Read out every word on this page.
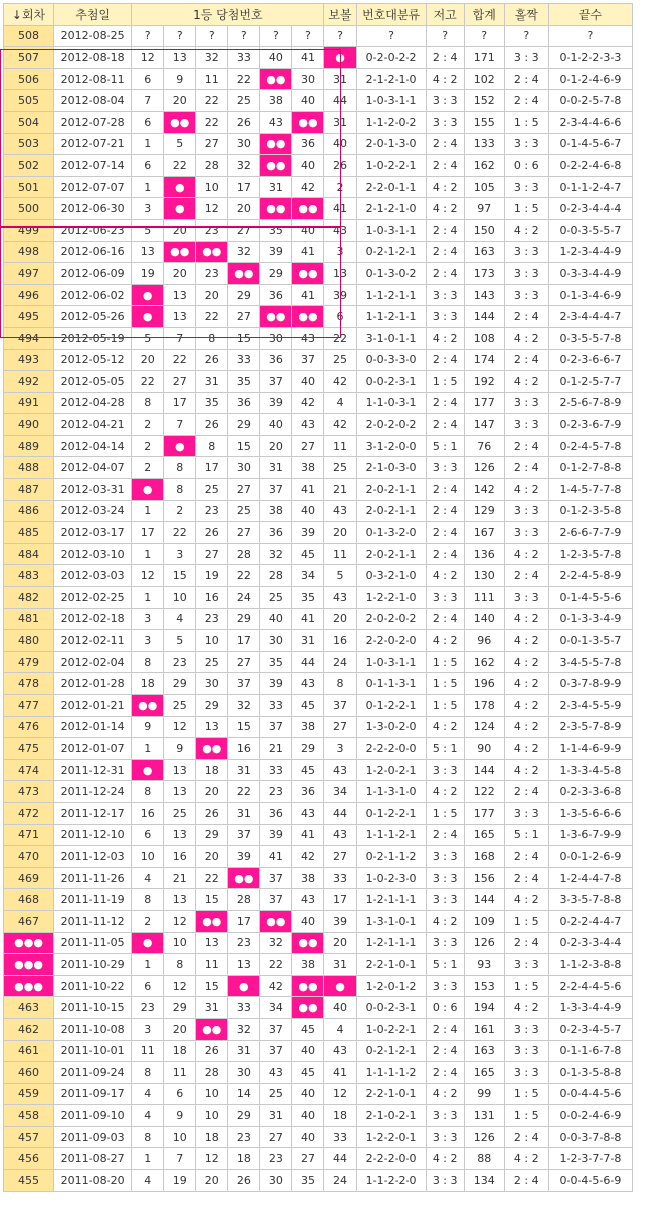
↓회차	추첨일	1등 당첨번호						보볼	번호대분류	저고	합계	홀짝	끝수
508	2012-08-25	?	?	?	?	?	?	?	?	?	?	?	?
507	2012-08-18	12	13	32	33	40	41	●	0-2-0-2-2	2 : 4	171	3 : 3	0-1-2-2-3-3
506	2012-08-11	6	9	11	22	●●	30	31	2-1-2-1-0	4 : 2	102	2 : 4	0-1-2-4-6-9
505	2012-08-04	7	20	22	25	38	40	44	1-0-3-1-1	3 : 3	152	2 : 4	0-0-2-5-7-8
504	2012-07-28	6	●●	22	26	43	●●	31	1-1-2-0-2	3 : 3	155	1 : 5	2-3-4-4-6-6
503	2012-07-21	1	5	27	30	●●	36	40	2-0-1-3-0	2 : 4	133	3 : 3	0-1-4-5-6-7
502	2012-07-14	6	22	28	32	●●	40	26	1-0-2-2-1	2 : 4	162	0 : 6	0-2-2-4-6-8
501	2012-07-07	1	●	10	17	31	42	2	2-2-0-1-1	4 : 2	105	3 : 3	0-1-1-2-4-7
500	2012-06-30	3	●	12	20	●●	●●	41	2-1-2-1-0	4 : 2	97	1 : 5	0-2-3-4-4-4
499	2012-06-23	5	20	23	27	35	40	43	1-0-3-1-1	2 : 4	150	4 : 2	0-0-3-5-5-7
498	2012-06-16	13	●●	●●	32	39	41	3	0-2-1-2-1	2 : 4	163	3 : 3	1-2-3-4-4-9
497	2012-06-09	19	20	23	●●	29	●●	13	0-1-3-0-2	2 : 4	173	3 : 3	0-3-3-4-4-9
496	2012-06-02	●	13	20	29	36	41	39	1-1-2-1-1	3 : 3	143	3 : 3	0-1-3-4-6-9
495	2012-05-26	●	13	22	27	●●	●●	6	1-1-2-1-1	3 : 3	144	2 : 4	2-3-4-4-4-7
494	2012-05-19	5	7	8	15	30	43	22	3-1-0-1-1	4 : 2	108	4 : 2	0-3-5-5-7-8
493	2012-05-12	20	22	26	33	36	37	25	0-0-3-3-0	2 : 4	174	2 : 4	0-2-3-6-6-7
492	2012-05-05	22	27	31	35	37	40	42	0-0-2-3-1	1 : 5	192	4 : 2	0-1-2-5-7-7
491	2012-04-28	8	17	35	36	39	42	4	1-1-0-3-1	2 : 4	177	3 : 3	2-5-6-7-8-9
490	2012-04-21	2	7	26	29	40	43	42	2-0-2-0-2	2 : 4	147	3 : 3	0-2-3-6-7-9
489	2012-04-14	2	●	8	15	20	27	11	3-1-2-0-0	5 : 1	76	2 : 4	0-2-4-5-7-8
488	2012-04-07	2	8	17	30	31	38	25	2-1-0-3-0	3 : 3	126	2 : 4	0-1-2-7-8-8
487	2012-03-31	●	8	25	27	37	41	21	2-0-2-1-1	2 : 4	142	4 : 2	1-4-5-7-7-8
486	2012-03-24	1	2	23	25	38	40	43	2-0-2-1-1	2 : 4	129	3 : 3	0-1-2-3-5-8
485	2012-03-17	17	22	26	27	36	39	20	0-1-3-2-0	2 : 4	167	3 : 3	2-6-6-7-7-9
484	2012-03-10	1	3	27	28	32	45	11	2-0-2-1-1	2 : 4	136	4 : 2	1-2-3-5-7-8
483	2012-03-03	12	15	19	22	28	34	5	0-3-2-1-0	4 : 2	130	2 : 4	2-2-4-5-8-9
482	2012-02-25	1	10	16	24	25	35	43	1-2-2-1-0	3 : 3	111	3 : 3	0-1-4-5-5-6
481	2012-02-18	3	4	23	29	40	41	20	2-0-2-0-2	2 : 4	140	4 : 2	0-1-3-3-4-9
480	2012-02-11	3	5	10	17	30	31	16	2-2-0-2-0	4 : 2	96	4 : 2	0-0-1-3-5-7
479	2012-02-04	8	23	25	27	35	44	24	1-0-3-1-1	1 : 5	162	4 : 2	3-4-5-5-7-8
478	2012-01-28	18	29	30	37	39	43	8	0-1-1-3-1	1 : 5	196	4 : 2	0-3-7-8-9-9
477	2012-01-21	●●	25	29	32	33	45	37	0-1-2-2-1	1 : 5	178	4 : 2	2-3-4-5-5-9
476	2012-01-14	9	12	13	15	37	38	27	1-3-0-2-0	4 : 2	124	4 : 2	2-3-5-7-8-9
475	2012-01-07	1	9	●●	16	21	29	3	2-2-2-0-0	5 : 1	90	4 : 2	1-1-4-6-9-9
474	2011-12-31	●	13	18	31	33	45	43	1-2-0-2-1	3 : 3	144	4 : 2	1-3-3-4-5-8
473	2011-12-24	8	13	20	22	23	36	34	1-1-3-1-0	4 : 2	122	2 : 4	0-2-3-3-6-8
472	2011-12-17	16	25	26	31	36	43	44	0-1-2-2-1	1 : 5	177	3 : 3	1-3-5-6-6-6
471	2011-12-10	6	13	29	37	39	41	43	1-1-1-2-1	2 : 4	165	5 : 1	1-3-6-7-9-9
470	2011-12-03	10	16	20	39	41	42	27	0-2-1-1-2	3 : 3	168	2 : 4	0-0-1-2-6-9
469	2011-11-26	4	21	22	●●	37	38	33	1-0-2-3-0	3 : 3	156	2 : 4	1-2-4-4-7-8
468	2011-11-19	8	13	15	28	37	43	17	1-2-1-1-1	3 : 3	144	4 : 2	3-3-5-7-8-8
467	2011-11-12	2	12	●●	17	●●	40	39	1-3-1-0-1	4 : 2	109	1 : 5	0-2-2-4-4-7
●●●	2011-11-05	●	10	13	23	32	●●	20	1-2-1-1-1	3 : 3	126	2 : 4	0-2-3-3-4-4
●●●	2011-10-29	1	8	11	13	22	38	31	2-2-1-0-1	5 : 1	93	3 : 3	1-1-2-3-8-8
●●●	2011-10-22	6	12	15	●	42	●●	●	1-2-0-1-2	3 : 3	153	1 : 5	2-2-4-4-5-6
463	2011-10-15	23	29	31	33	34	●●	40	0-0-2-3-1	0 : 6	194	4 : 2	1-3-3-4-4-9
462	2011-10-08	3	20	●●	32	37	45	4	1-0-2-2-1	2 : 4	161	3 : 3	0-2-3-4-5-7
461	2011-10-01	11	18	26	31	37	40	43	0-2-1-2-1	2 : 4	163	3 : 3	0-1-1-6-7-8
460	2011-09-24	8	11	28	30	43	45	41	1-1-1-1-2	2 : 4	165	3 : 3	0-1-3-5-8-8
459	2011-09-17	4	6	10	14	25	40	12	2-2-1-0-1	4 : 2	99	1 : 5	0-0-4-4-5-6
458	2011-09-10	4	9	10	29	31	40	18	2-1-0-2-1	3 : 3	131	1 : 5	0-0-2-4-6-9
457	2011-09-03	8	10	18	23	27	40	33	1-2-2-0-1	3 : 3	126	2 : 4	0-0-3-7-8-8
456	2011-08-27	1	7	12	18	23	27	44	2-2-2-0-0	4 : 2	88	4 : 2	1-2-3-7-7-8
455	2011-08-20	4	19	20	26	30	35	24	1-1-2-2-0	3 : 3	134	2 : 4	0-0-4-5-6-9
